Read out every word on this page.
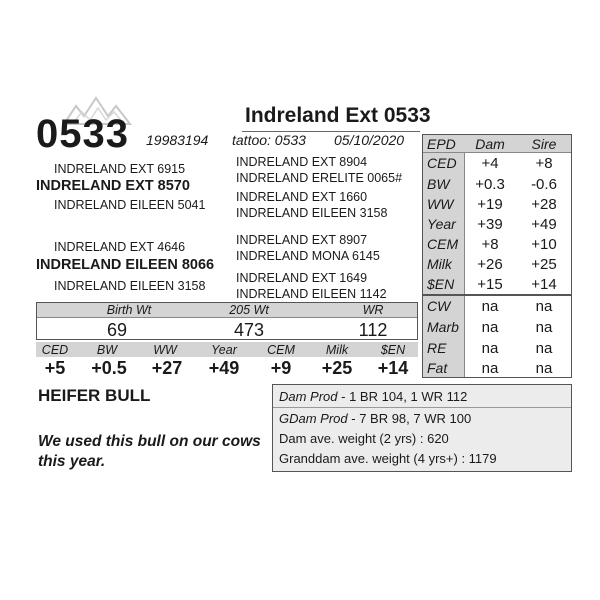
Indreland Ext 0533
0533 19983194 tattoo: 0533 05/10/2020
INDRELAND EXT 6915
INDRELAND EXT 8570
INDRELAND EILEEN 5041
INDRELAND EXT 8904
INDRELAND ERELITE 0065#
INDRELAND EXT 1660
INDRELAND EILEEN 3158
INDRELAND EXT 4646
INDRELAND EILEEN 8066
INDRELAND EILEEN 3158
INDRELAND EXT 8907
INDRELAND MONA 6145
INDRELAND EXT 1649
INDRELAND EILEEN 1142
Birth Wt	205 Wt	WR
69	473	112
CED	BW	WW	Year	CEM	Milk	$EN
+5	+0.5	+27	+49	+9	+25	+14
HEIFER BULL
We used this bull on our cows this year.
EPD	Dam	Sire
CED	+4	+8
BW	+0.3	-0.6
WW	+19	+28
Year	+39	+49
CEM	+8	+10
Milk	+26	+25
$EN	+15	+14
CW	na	na
Marb	na	na
RE	na	na
Fat	na	na
Dam Prod - 1 BR 104, 1 WR 112
GDam Prod - 7 BR 98, 7 WR 100
Dam ave. weight (2 yrs) : 620
Granddam ave. weight (4 yrs+) : 1179
